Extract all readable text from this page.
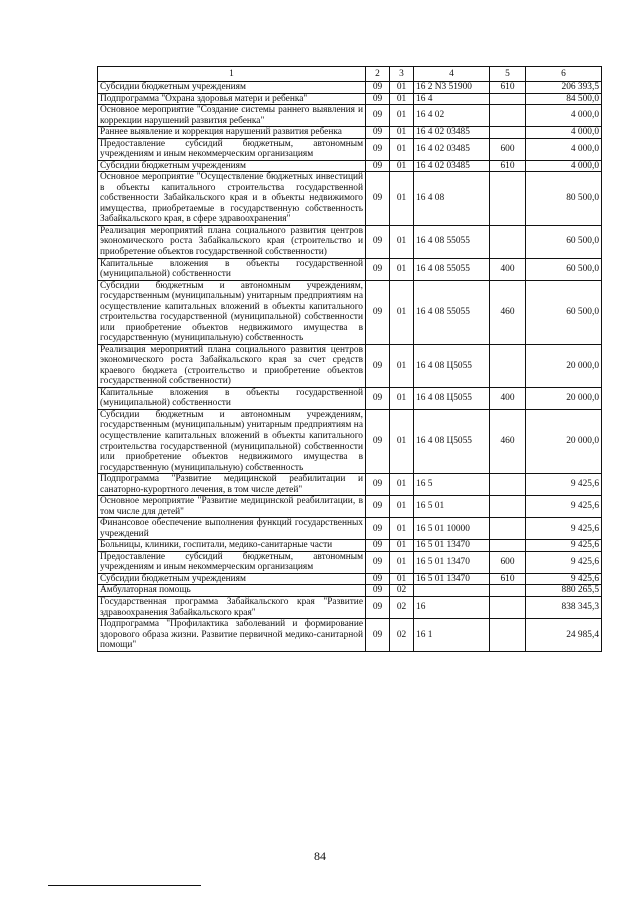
1	2	3	4	5	6
Субсидии бюджетным учреждениям	09	01	16 2 N3 51900	610	206 393,5
Подпрограмма "Охрана здоровья матери и ребенка"	09	01	16 4		84 500,0
Основное мероприятие "Создание системы раннего выявления и коррекции нарушений развития ребенка"	09	01	16 4 02		4 000,0
Раннее выявление и коррекция нарушений развития ребенка	09	01	16 4 02 03485		4 000,0
Предоставление субсидий бюджетным, автономным учреждениям и иным некоммерческим организациям	09	01	16 4 02 03485	600	4 000,0
Субсидии бюджетным учреждениям	09	01	16 4 02 03485	610	4 000,0
Основное мероприятие "Осуществление бюджетных инвестиций в объекты капитального строительства государственной собственности Забайкальского края и в объекты недвижимого имущества, приобретаемые в государственную собственность Забайкальского края, в сфере здравоохранения"	09	01	16 4 08		80 500,0
Реализация мероприятий плана социального развития центров экономического роста Забайкальского края (строительство и приобретение объектов государственной собственности)	09	01	16 4 08 55055		60 500,0
Капитальные вложения в объекты государственной (муниципальной) собственности	09	01	16 4 08 55055	400	60 500,0
Субсидии бюджетным и автономным учреждениям, государственным (муниципальным) унитарным предприятиям на осуществление капитальных вложений в объекты капитального строительства государственной (муниципальной) собственности или приобретение объектов недвижимого имущества в государственную (муниципальную) собственность	09	01	16 4 08 55055	460	60 500,0
Реализация мероприятий плана социального развития центров экономического роста Забайкальского края за счет средств краевого бюджета (строительство и приобретение объектов государственной собственности)	09	01	16 4 08 Ц5055		20 000,0
Капитальные вложения в объекты государственной (муниципальной) собственности	09	01	16 4 08 Ц5055	400	20 000,0
Субсидии бюджетным и автономным учреждениям, государственным (муниципальным) унитарным предприятиям на осуществление капитальных вложений в объекты капитального строительства государственной (муниципальной) собственности или приобретение объектов недвижимого имущества в государственную (муниципальную) собственность	09	01	16 4 08 Ц5055	460	20 000,0
Подпрограмма "Развитие медицинской реабилитации и санаторно-курортного лечения, в том числе детей"	09	01	16 5		9 425,6
Основное мероприятие "Развитие медицинской реабилитации, в том числе для детей"	09	01	16 5 01		9 425,6
Финансовое обеспечение выполнения функций государственных учреждений	09	01	16 5 01 10000		9 425,6
Больницы, клиники, госпитали, медико-санитарные части	09	01	16 5 01 13470		9 425,6
Предоставление субсидий бюджетным, автономным учреждениям и иным некоммерческим организациям	09	01	16 5 01 13470	600	9 425,6
Субсидии бюджетным учреждениям	09	01	16 5 01 13470	610	9 425,6
Амбулаторная помощь	09	02			880 265,5
Государственная программа Забайкальского края "Развитие здравоохранения Забайкальского края"	09	02	16		838 345,3
Подпрограмма "Профилактика заболеваний и формирование здорового образа жизни. Развитие первичной медико-санитарной помощи"	09	02	16 1		24 985,4
84
